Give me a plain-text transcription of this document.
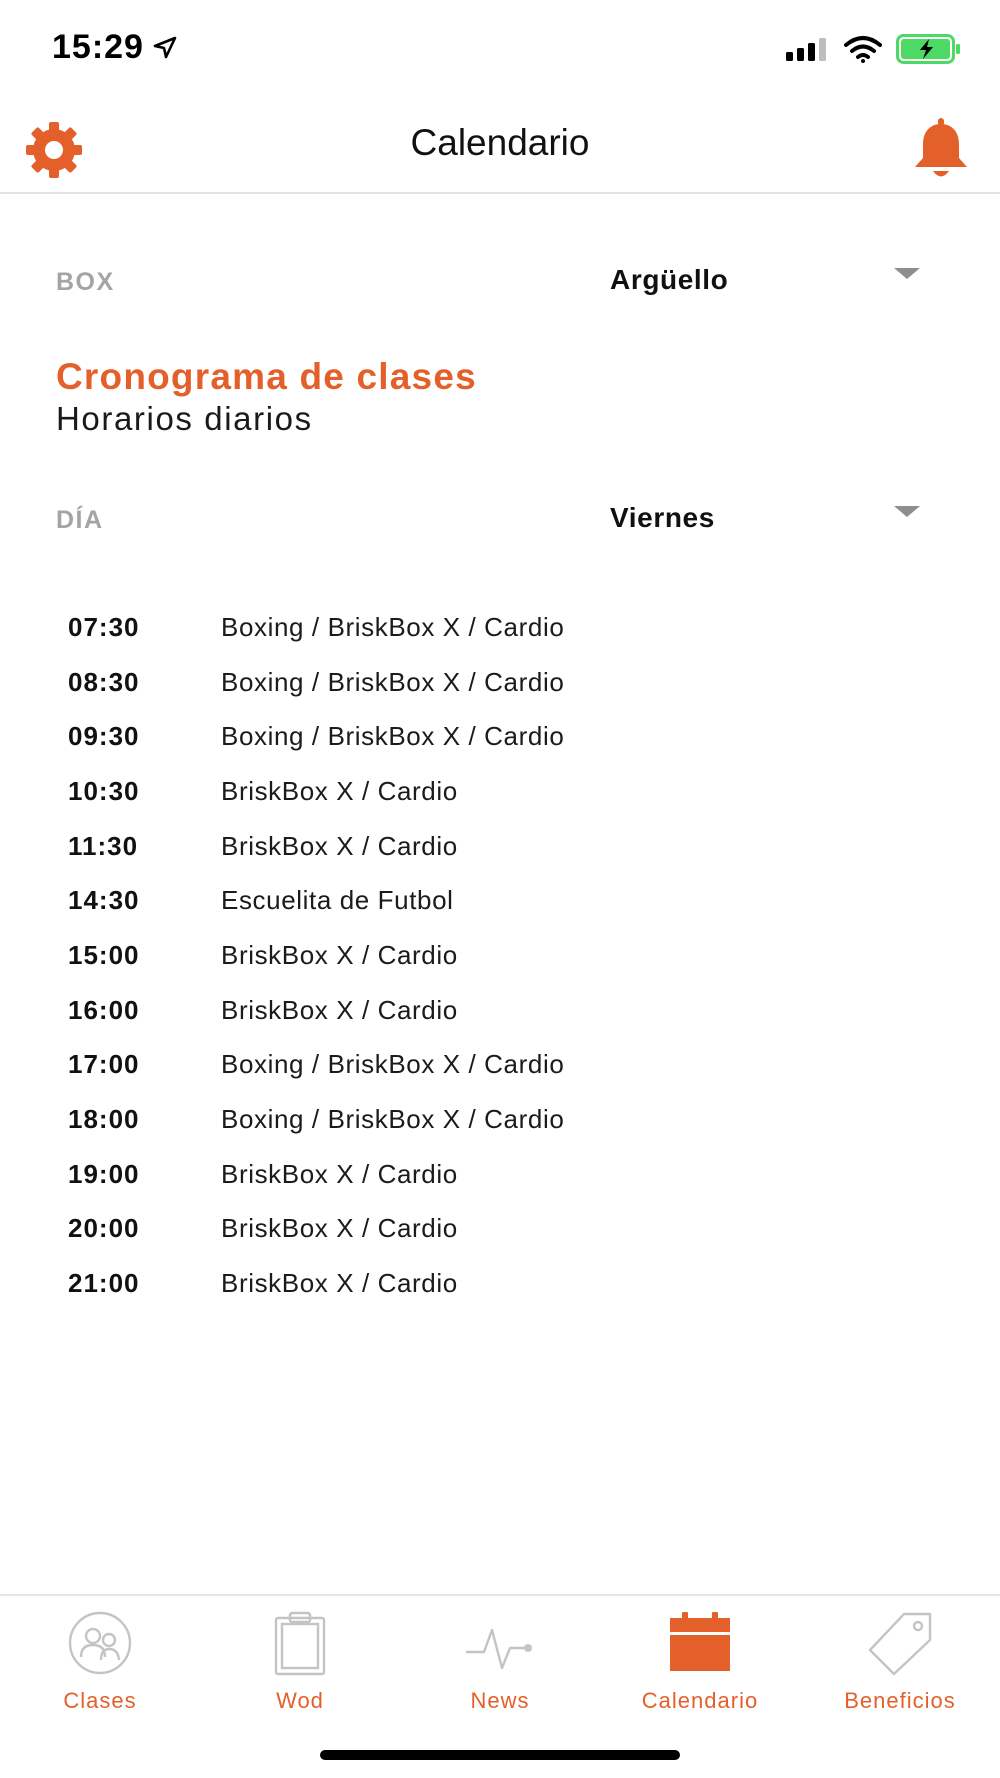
15:29
Calendario
BOX	Argüello
Cronograma de clases
Horarios diarios
DÍA	Viernes
07:30	Boxing / BriskBox X / Cardio
08:30	Boxing / BriskBox X / Cardio
09:30	Boxing / BriskBox X / Cardio
10:30	BriskBox X / Cardio
11:30	BriskBox X / Cardio
14:30	Escuelita de Futbol
15:00	BriskBox X / Cardio
16:00	BriskBox X / Cardio
17:00	Boxing / BriskBox X / Cardio
18:00	Boxing / BriskBox X / Cardio
19:00	BriskBox X / Cardio
20:00	BriskBox X / Cardio
21:00	BriskBox X / Cardio
Clases	Wod	News	Calendario	Beneficios
